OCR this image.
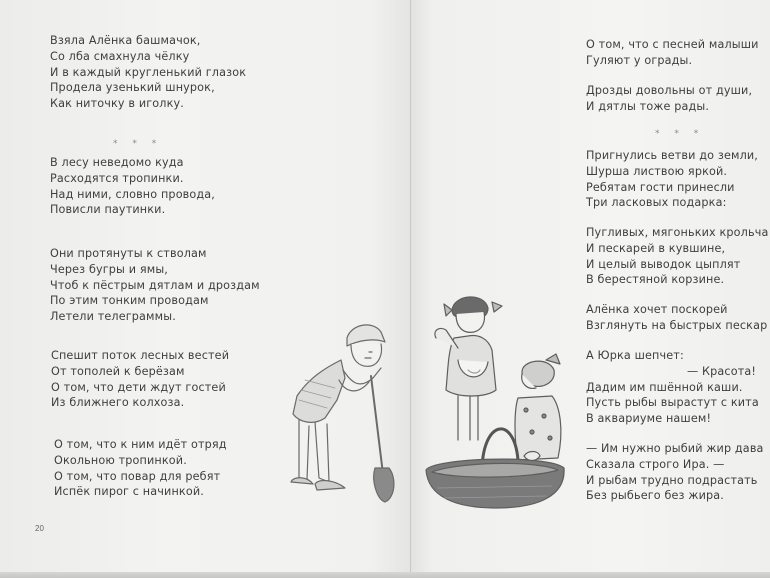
Взяла Алёнка башмачок,
Со лба смахнула чёлку
И в каждый кругленький глазок
Продела узенький шнурок,
Как ниточку в иголку.
* * *
В лесу неведомо куда
Расходятся тропинки.
Над ними, словно провода,
Повисли паутинки.
Они протянуты к стволам
Через бугры и ямы,
Чтоб к пёстрым дятлам и дроздам
По этим тонким проводам
Летели телеграммы.
Спешит поток лесных вестей
От тополей к берёзам
О том, что дети ждут гостей
Из ближнего колхоза.
О том, что к ним идёт отряд
Окольною тропинкой.
О том, что повар для ребят
Испёк пирог с начинкой.
20
О том, что с песней малыши
Гуляют у ограды.
Дрозды довольны от души,
И дятлы тоже рады.
* * *
Пригнулись ветви до земли,
Шурша листвою яркой.
Ребятам гости принесли
Три ласковых подарка:
Пугливых, мягоньких крольча
И пескарей в кувшине,
И целый выводок цыплят
В берестяной корзине.
Алёнка хочет поскорей
Взглянуть на быстрых пескар
А Юрка шепчет:
— Красота!
Дадим им пшённой каши.
Пусть рыбы вырастут с кита
В аквариуме нашем!
— Им нужно рыбий жир дава
Сказала строго Ира. —
И рыбам трудно подрастать
Без рыбьего без жира.
